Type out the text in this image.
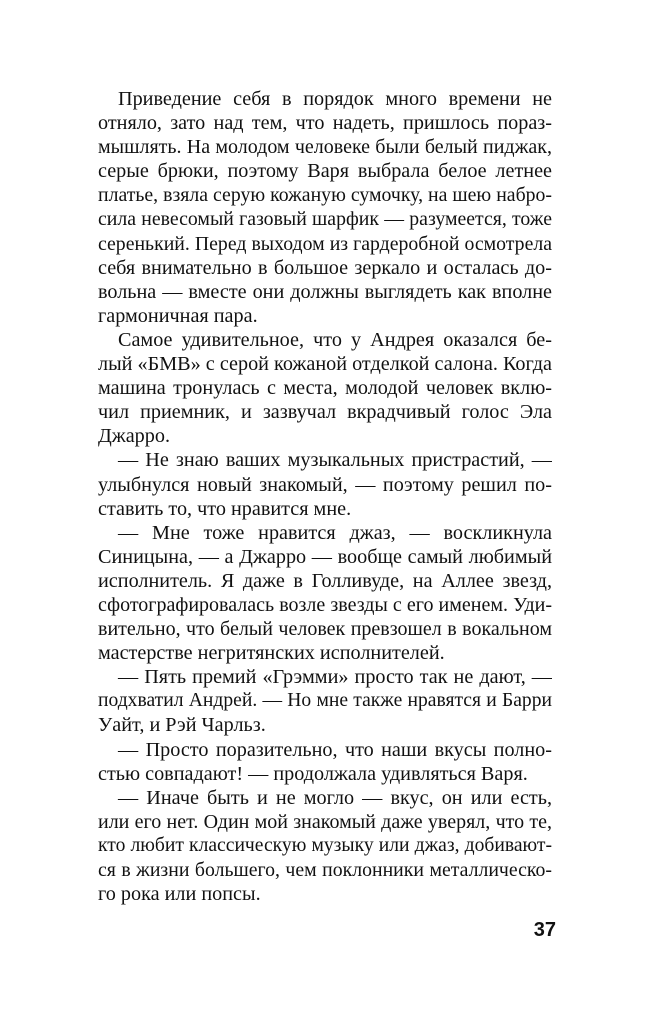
Приведение себя в порядок много времени не
отняло, зато над тем, что надеть, пришлось пораз-
мышлять. На молодом человеке были белый пиджак,
серые брюки, поэтому Варя выбрала белое летнее
платье, взяла серую кожаную сумочку, на шею набро-
сила невесомый газовый шарфик — разумеется, тоже
серенький. Перед выходом из гардеробной осмотрела
себя внимательно в большое зеркало и осталась до-
вольна — вместе они должны выглядеть как вполне
гармоничная пара.
Самое удивительное, что у Андрея оказался бе-
лый «БМВ» с серой кожаной отделкой салона. Когда
машина тронулась с места, молодой человек вклю-
чил приемник, и зазвучал вкрадчивый голос Эла
Джарро.
— Не знаю ваших музыкальных пристрастий, —
улыбнулся новый знакомый, — поэтому решил по-
ставить то, что нравится мне.
— Мне тоже нравится джаз, — воскликнула
Синицына, — а Джарро — вообще самый любимый
исполнитель. Я даже в Голливуде, на Аллее звезд,
сфотографировалась возле звезды с его именем. Уди-
вительно, что белый человек превзошел в вокальном
мастерстве негритянских исполнителей.
— Пять премий «Грэмми» просто так не дают, —
подхватил Андрей. — Но мне также нравятся и Барри
Уайт, и Рэй Чарльз.
— Просто поразительно, что наши вкусы полно-
стью совпадают! — продолжала удивляться Варя.
— Иначе быть и не могло — вкус, он или есть,
или его нет. Один мой знакомый даже уверял, что те,
кто любит классическую музыку или джаз, добивают-
ся в жизни большего, чем поклонники металлическо-
го рока или попсы.
37
